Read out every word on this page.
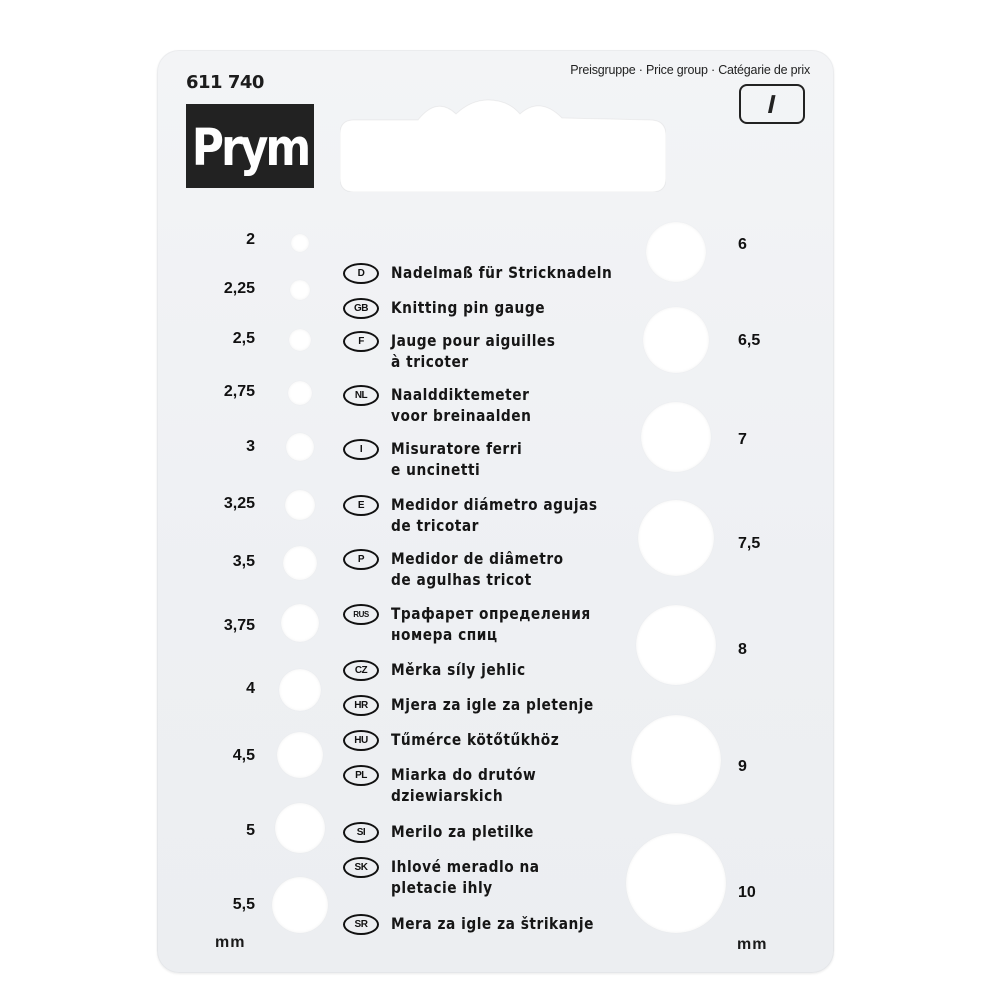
611 740
Prym
Preisgruppe · Price group · Catégarie de prix
I
2
2,25
2,5
2,75
3
3,25
3,5
3,75
4
4,5
5
5,5
6
6,5
7
7,5
8
9
10
D	Nadelmaß für Stricknadeln
GB	Knitting pin gauge
F	Jauge pour aiguilles
à tricoter
NL	Naalddiktemeter
voor breinaalden
I	Misuratore ferri
e uncinetti
E	Medidor diámetro agujas
de tricotar
P	Medidor de diâmetro
de agulhas tricot
RUS	Трафарет определения
номера спиц
CZ	Měrka síly jehlic
HR	Mjera za igle za pletenje
HU	Tűmérce kötőtűkhöz
PL	Miarka do drutów
dziewiarskich
SI	Merilo za pletilke
SK	Ihlové meradlo na
pletacie ihly
SR	Mera za igle za štrikanje
mm	mm
